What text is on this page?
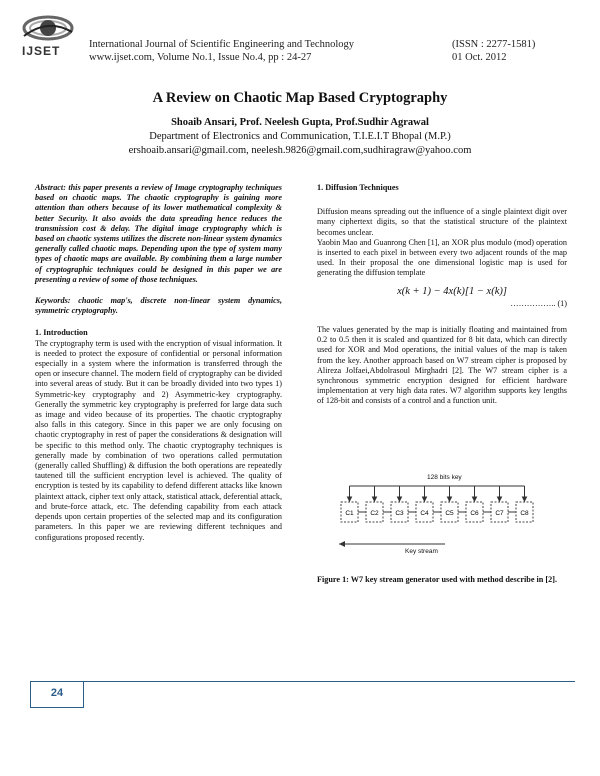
IJSET	International Journal of Scientific Engineering and Technology	(ISSN : 2277-1581)
www.ijset.com, Volume No.1, Issue No.4, pp : 24-27	01 Oct. 2012
A Review on Chaotic Map Based Cryptography
Shoaib Ansari, Prof. Neelesh Gupta, Prof.Sudhir Agrawal
Department of Electronics and Communication, T.I.E.I.T Bhopal (M.P.)
ershoaib.ansari@gmail.com, neelesh.9826@gmail.com,sudhiragraw@yahoo.com

Abstract: this paper presents a review of Image cryptography techniques based on chaotic maps. The chaotic cryptography is gaining more attention than others because of its lower mathematical complexity & better Security. It also avoids the data spreading hence reduces the transmission cost & delay. The digital image cryptography which is based on chaotic systems utilizes the discrete non-linear system dynamics generally called chaotic maps. Depending upon the type of system many types of chaotic maps are available. By combining them a large number of cryptographic techniques could be designed in this paper we are presenting a review of some of those techniques.

Keywords: chaotic map's, discrete non-linear system dynamics, symmetric cryptography.

1. Introduction

The cryptography term is used with the encryption of visual information. It is needed to protect the exposure of confidential or personal information especially in a system where the information is transferred through the open or insecure channel. The modern field of cryptography can be divided into several areas of study. But it can be broadly divided into two types 1) Symmetric-key cryptography and 2) Asymmetric-key cryptography. Generally the symmetric key cryptography is preferred for large data such as image and video because of its properties. The chaotic cryptography also falls in this category. Since in this paper we are only focusing on chaotic cryptography in rest of paper the considerations & designation will be specific to this method only. The chaotic cryptography techniques is generally made by combination of two operations called permutation (generally called Shuffling) & diffusion the both operations are repeatedly tautened till the sufficient encryption level is achieved. The quality of encryption is tested by its capability to defend different attacks like known plaintext attack, cipher text only attack, statistical attack, deferential attack, and brute-force attack, etc. The defending capability from each attack depends upon certain properties of the selected map and its configuration parameters. In this paper we are reviewing different techniques and configurations proposed recently.

1. Diffusion Techniques

Diffusion means spreading out the influence of a single plaintext digit over many ciphertext digits, so that the statistical structure of the plaintext becomes unclear.

Yaobin Mao and Guanrong Chen [1], an XOR plus modulo (mod) operation is inserted to each pixel in between every two adjacent rounds of the map used. In their proposal the one dimensional logistic map is used for generating the diffusion template

x(k + 1) − 4x(k)[1 − x(k)]
…………….. (1)

The values generated by the map is initially floating and maintained from 0.2 to 0.5 then it is scaled and quantized for 8 bit data, which can directly used for XOR and Mod operations, the initial values of the map is taken from the key. Another approach based on W7 stream cipher is proposed by Alireza Jolfaei,Abdolrasoul Mirghadri [2]. The W7 stream cipher is a synchronous symmetric encryption designed for efficient hardware implementation at very high data rates. W7 algorithm supports key lengths of 128-bit and consists of a control and a function unit.

C1	C2	C3	C4	C5	C6	C7	C8
128 bits key
Key stream
Figure 1: W7 key stream generator used with method describe in [2].
24
